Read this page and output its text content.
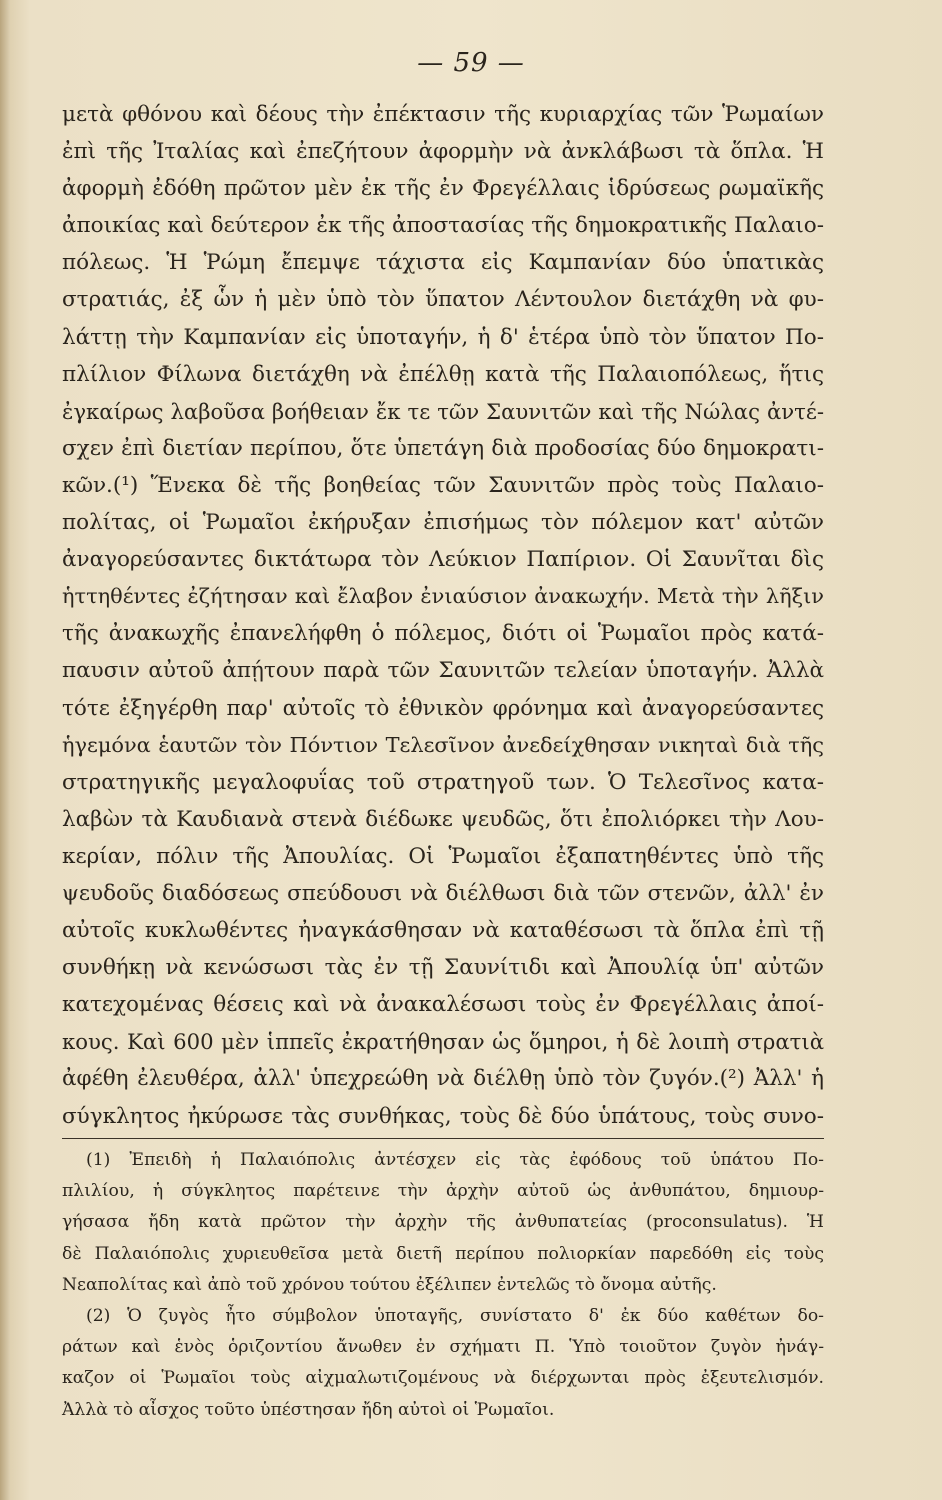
— 59 —
μετὰ φθόνου καὶ δέους τὴν ἐπέκτασιν τῆς κυριαρχίας τῶν Ῥωμαίων
ἐπὶ τῆς Ἰταλίας καὶ ἐπεζήτουν ἀφορμὴν νὰ ἀνκλάβωσι τὰ ὅπλα. Ἡ
ἀφορμὴ ἐδόθη πρῶτον μὲν ἐκ τῆς ἐν Φρεγέλλαις ἱδρύσεως ρωμαϊκῆς
ἀποικίας καὶ δεύτερον ἐκ τῆς ἀποστασίας τῆς δημοκρατικῆς Παλαιο-
πόλεως. Ἡ Ῥώμη ἔπεμψε τάχιστα εἰς Καμπανίαν δύο ὑπατικὰς
στρατιάς, ἐξ ὧν ἡ μὲν ὑπὸ τὸν ὕπατον Λέντουλον διετάχθη νὰ φυ-
λάττῃ τὴν Καμπανίαν εἰς ὑποταγήν, ἡ δ' ἑτέρα ὑπὸ τὸν ὕπατον Πο-
πλίλιον Φίλωνα διετάχθη νὰ ἐπέλθῃ κατὰ τῆς Παλαιοπόλεως, ἥτις
ἐγκαίρως λαβοῦσα βοήθειαν ἔκ τε τῶν Σαυνιτῶν καὶ τῆς Νώλας ἀντέ-
σχεν ἐπὶ διετίαν περίπου, ὅτε ὑπετάγη διὰ προδοσίας δύο δημοκρατι-
κῶν.(¹) Ἕνεκα δὲ τῆς βοηθείας τῶν Σαυνιτῶν πρὸς τοὺς Παλαιο-
πολίτας, οἱ Ῥωμαῖοι ἐκήρυξαν ἐπισήμως τὸν πόλεμον κατ' αὐτῶν
ἀναγορεύσαντες δικτάτωρα τὸν Λεύκιον Παπίριον. Οἱ Σαυνῖται δὶς
ἡττηθέντες ἐζήτησαν καὶ ἔλαβον ἐνιαύσιον ἀνακωχήν. Μετὰ τὴν λῆξιν
τῆς ἀνακωχῆς ἐπανελήφθη ὁ πόλεμος, διότι οἱ Ῥωμαῖοι πρὸς κατά-
παυσιν αὐτοῦ ἀπῄτουν παρὰ τῶν Σαυνιτῶν τελείαν ὑποταγήν. Ἀλλὰ
τότε ἐξηγέρθη παρ' αὐτοῖς τὸ ἐθνικὸν φρόνημα καὶ ἀναγορεύσαντες
ἡγεμόνα ἑαυτῶν τὸν Πόντιον Τελεσῖνον ἀνεδείχθησαν νικηταὶ διὰ τῆς
στρατηγικῆς μεγαλοφυΐας τοῦ στρατηγοῦ των. Ὁ Τελεσῖνος κατα-
λαβὼν τὰ Καυδιανὰ στενὰ διέδωκε ψευδῶς, ὅτι ἐπολιόρκει τὴν Λου-
κερίαν, πόλιν τῆς Ἀπουλίας. Οἱ Ῥωμαῖοι ἐξαπατηθέντες ὑπὸ τῆς
ψευδοῦς διαδόσεως σπεύδουσι νὰ διέλθωσι διὰ τῶν στενῶν, ἀλλ' ἐν
αὐτοῖς κυκλωθέντες ἠναγκάσθησαν νὰ καταθέσωσι τὰ ὅπλα ἐπὶ τῇ
συνθήκῃ νὰ κενώσωσι τὰς ἐν τῇ Σαυνίτιδι καὶ Ἀπουλίᾳ ὑπ' αὐτῶν
κατεχομένας θέσεις καὶ νὰ ἀνακαλέσωσι τοὺς ἐν Φρεγέλλαις ἀποί-
κους. Καὶ 600 μὲν ἱππεῖς ἐκρατήθησαν ὡς ὅμηροι, ἡ δὲ λοιπὴ στρατιὰ
ἀφέθη ἐλευθέρα, ἀλλ' ὑπεχρεώθη νὰ διέλθῃ ὑπὸ τὸν ζυγόν.(²) Ἀλλ' ἡ
σύγκλητος ἠκύρωσε τὰς συνθήκας, τοὺς δὲ δύο ὑπάτους, τοὺς συνο-
(1) Ἐπειδὴ ἡ Παλαιόπολις ἀντέσχεν εἰς τὰς ἐφόδους τοῦ ὑπάτου Πο-
πλιλίου, ἡ σύγκλητος παρέτεινε τὴν ἀρχὴν αὐτοῦ ὡς ἀνθυπάτου, δημιουρ-
γήσασα ἤδη κατὰ πρῶτον τὴν ἀρχὴν τῆς ἀνθυπατείας (proconsulatus). Ἡ
δὲ Παλαιόπολις χυριευθεῖσα μετὰ διετῆ περίπου πολιορκίαν παρεδόθη εἰς τοὺς
Νεαπολίτας καὶ ἀπὸ τοῦ χρόνου τούτου ἐξέλιπεν ἐντελῶς τὸ ὄνομα αὐτῆς.
(2) Ὁ ζυγὸς ἦτο σύμβολον ὑποταγῆς, συνίστατο δ' ἐκ δύο καθέτων δο-
ράτων καὶ ἑνὸς ὁριζοντίου ἄνωθεν ἐν σχήματι Π. Ὑπὸ τοιοῦτον ζυγὸν ἠνάγ-
καζον οἱ Ῥωμαῖοι τοὺς αἰχμαλωτιζομένους νὰ διέρχωνται πρὸς ἐξευτελισμόν.
Ἀλλὰ τὸ αἶσχος τοῦτο ὑπέστησαν ἤδη αὐτοὶ οἱ Ῥωμαῖοι.
